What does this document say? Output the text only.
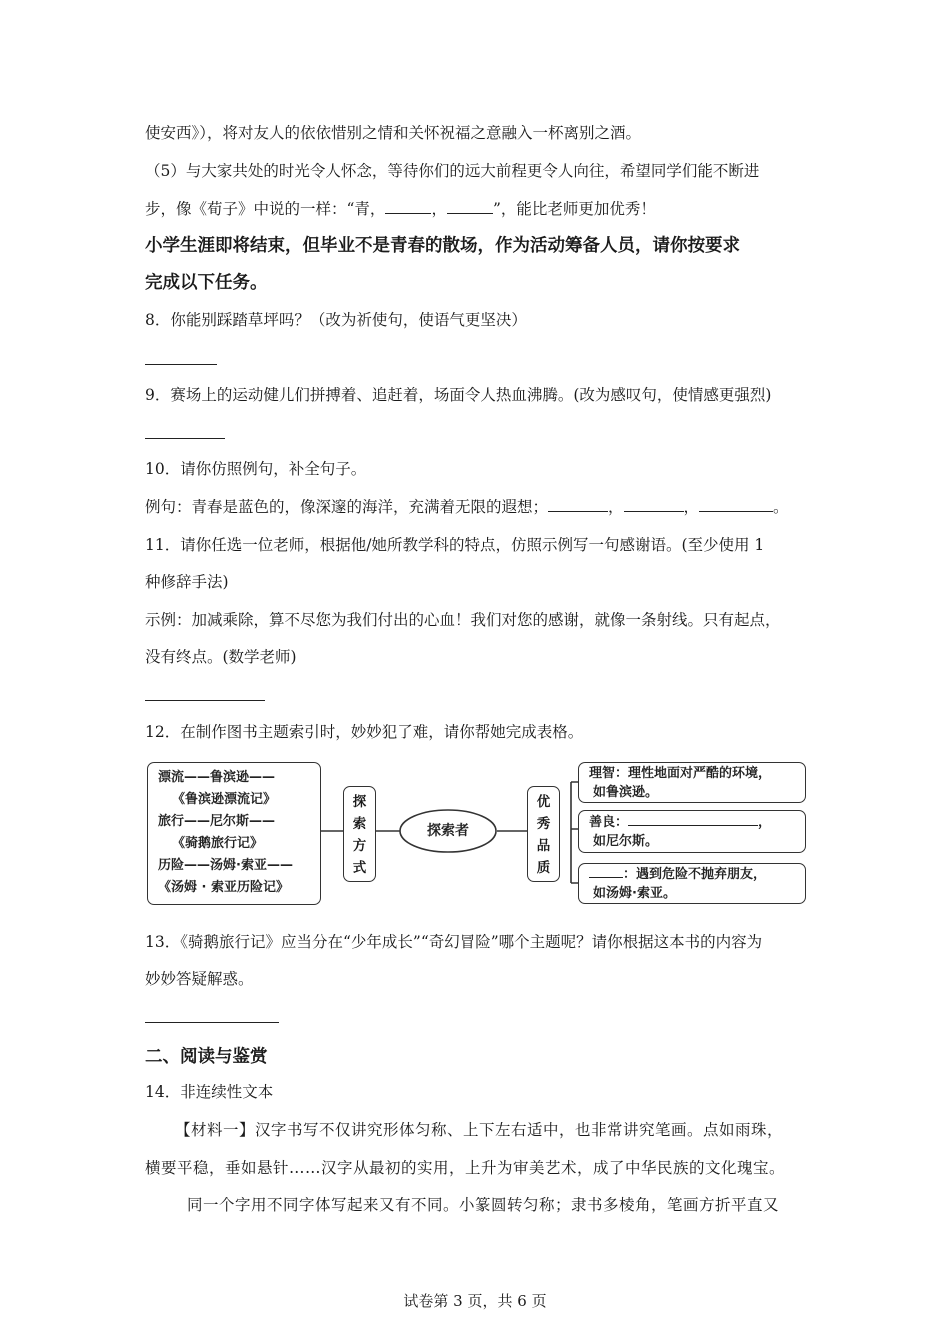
使安西》），将对友人的依依惜别之情和关怀祝福之意融入一杯离别之酒。
（5）与大家共处的时光令人怀念，等待你们的远大前程更令人向往，希望同学们能不断进
步，像《荀子》中说的一样：“青，	，	”，能比老师更加优秀！
小学生涯即将结束，但毕业不是青春的散场，作为活动筹备人员，请你按要求
完成以下任务。
8．你能别踩踏草坪吗？（改为祈使句，使语气更坚决）
9．赛场上的运动健儿们拼搏着、追赶着，场面令人热血沸腾。(改为感叹句，使情感更强烈)
10．请你仿照例句，补全句子。
例句：青春是蓝色的，像深邃的海洋，充满着无限的遐想；	，	，	。
11．请你任选一位老师，根据他/她所教学科的特点，仿照示例写一句感谢语。(至少使用 1
种修辞手法)
示例：加减乘除，算不尽您为我们付出的心血！我们对您的感谢，就像一条射线。只有起点，
没有终点。(数学老师)
12．在制作图书主题索引时，妙妙犯了难，请你帮她完成表格。
漂流——鲁滨逊——
《鲁滨逊漂流记》
旅行——尼尔斯——
《骑鹅旅行记》
历险——汤姆·索亚——
《汤姆 · 索亚历险记》
探
索
方
式
探索者
优
秀
品
质
理智：理性地面对严酷的环境，
如鲁滨逊。
善良：	，
如尼尔斯。
：遇到危险不抛弃朋友，
如汤姆·索亚。
13．《骑鹅旅行记》应当分在“少年成长”“奇幻冒险”哪个主题呢？请你根据这本书的内容为
妙妙答疑解惑。
二、阅读与鉴赏
14．非连续性文本
【材料一】汉字书写不仅讲究形体匀称、上下左右适中，也非常讲究笔画。点如雨珠，
横要平稳，垂如悬针……汉字从最初的实用，上升为审美艺术，成了中华民族的文化瑰宝。
同一个字用不同字体写起来又有不同。小篆圆转匀称；隶书多棱角，笔画方折平直又
试卷第 3 页，共 6 页
